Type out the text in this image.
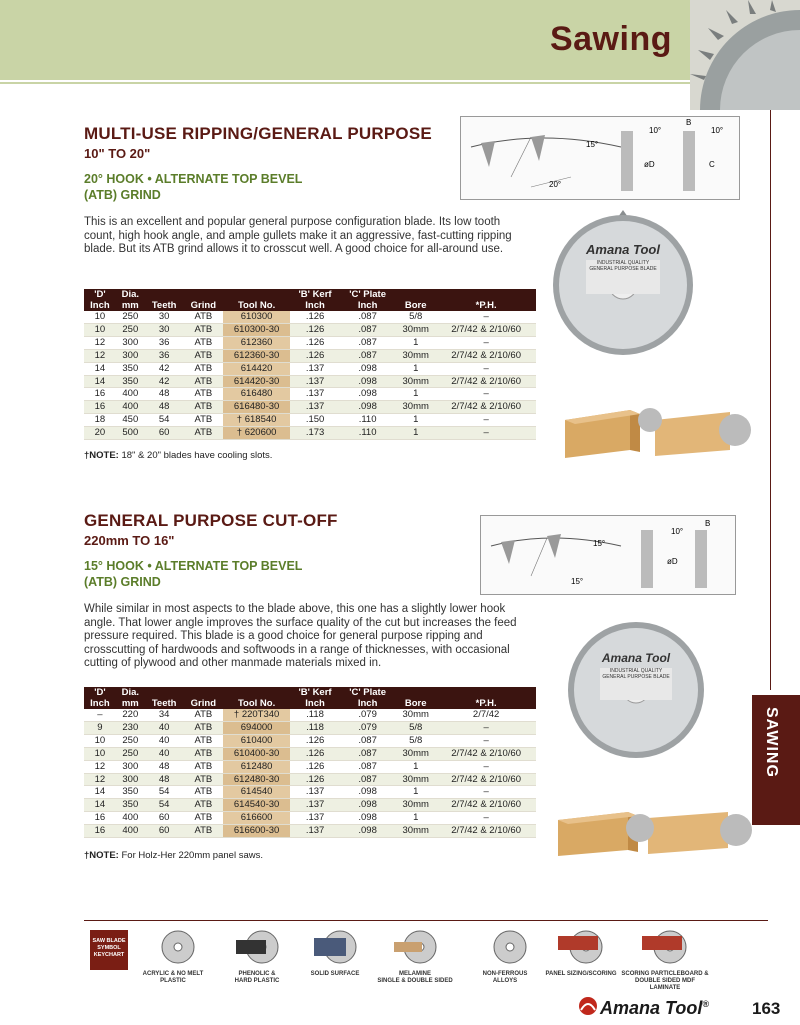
Sawing
SAWING
MULTI-USE RIPPING/GENERAL PURPOSE
10" TO 20"
20° HOOK • ALTERNATE TOP BEVEL
(ATB) GRIND

This is an excellent and popular general purpose configuration blade. Its low tooth count, high hook angle, and ample gullets make it an aggressive, fast-cutting ripping blade. But its ATB grind allows it to crosscut well. A good choice for all-around use.

15°
20°
10°	10°
B
øD	C
Amana Tool
INDUSTRIAL QUALITY
GENERAL PURPOSE BLADE
'D'	Dia.				'B' Kerf	'C' Plate		
Inch	mm	Teeth	Grind	Tool No.	Inch	Inch	Bore	*P.H.
10	250	30	ATB	610300	.126	.087	5/8	–
10	250	30	ATB	610300-30	.126	.087	30mm	2/7/42 & 2/10/60
12	300	36	ATB	612360	.126	.087	1	–
12	300	36	ATB	612360-30	.126	.087	30mm	2/7/42 & 2/10/60
14	350	42	ATB	614420	.137	.098	1	–
14	350	42	ATB	614420-30	.137	.098	30mm	2/7/42 & 2/10/60
16	400	48	ATB	616480	.137	.098	1	–
16	400	48	ATB	616480-30	.137	.098	30mm	2/7/42 & 2/10/60
18	450	54	ATB	† 618540	.150	.110	1	–
20	500	60	ATB	† 620600	.173	.110	1	–
†NOTE: 18" & 20" blades have cooling slots.
GENERAL PURPOSE CUT-OFF
220mm TO 16"
15° HOOK • ALTERNATE TOP BEVEL
(ATB) GRIND

While similar in most aspects to the blade above, this one has a slightly lower hook angle. That lower angle improves the surface quality of the cut but increases the feed pressure required. This blade is a good choice for general purpose ripping and crosscutting of hardwoods and softwoods in a range of thicknesses, with occasional cutting of plywood and other manmade materials mixed in.

15°
15°
10°
B
øD
Amana Tool
INDUSTRIAL QUALITY
GENERAL PURPOSE BLADE
'D'	Dia.				'B' Kerf	'C' Plate		
Inch	mm	Teeth	Grind	Tool No.	Inch	Inch	Bore	*P.H.
–	220	34	ATB	† 220T340	.118	.079	30mm	2/7/42
9	230	40	ATB	694000	.118	.079	5/8	–
10	250	40	ATB	610400	.126	.087	5/8	–
10	250	40	ATB	610400-30	.126	.087	30mm	2/7/42 & 2/10/60
12	300	48	ATB	612480	.126	.087	1	–
12	300	48	ATB	612480-30	.126	.087	30mm	2/7/42 & 2/10/60
14	350	54	ATB	614540	.137	.098	1	–
14	350	54	ATB	614540-30	.137	.098	30mm	2/7/42 & 2/10/60
16	400	60	ATB	616600	.137	.098	1	–
16	400	60	ATB	616600-30	.137	.098	30mm	2/7/42 & 2/10/60
†NOTE: For Holz-Her 220mm panel saws.
SAW BLADE
SYMBOL
KEYCHART
ACRYLIC & NO MELT
PLASTIC
PHENOLIC &
HARD PLASTIC
SOLID SURFACE	MELAMINE
SINGLE & DOUBLE SIDED
NON-FERROUS
ALLOYS
PANEL SIZING/SCORING SCORING PARTICLEBOARD &
DOUBLE SIDED MDF LAMINATE
Amana Tool®	163
